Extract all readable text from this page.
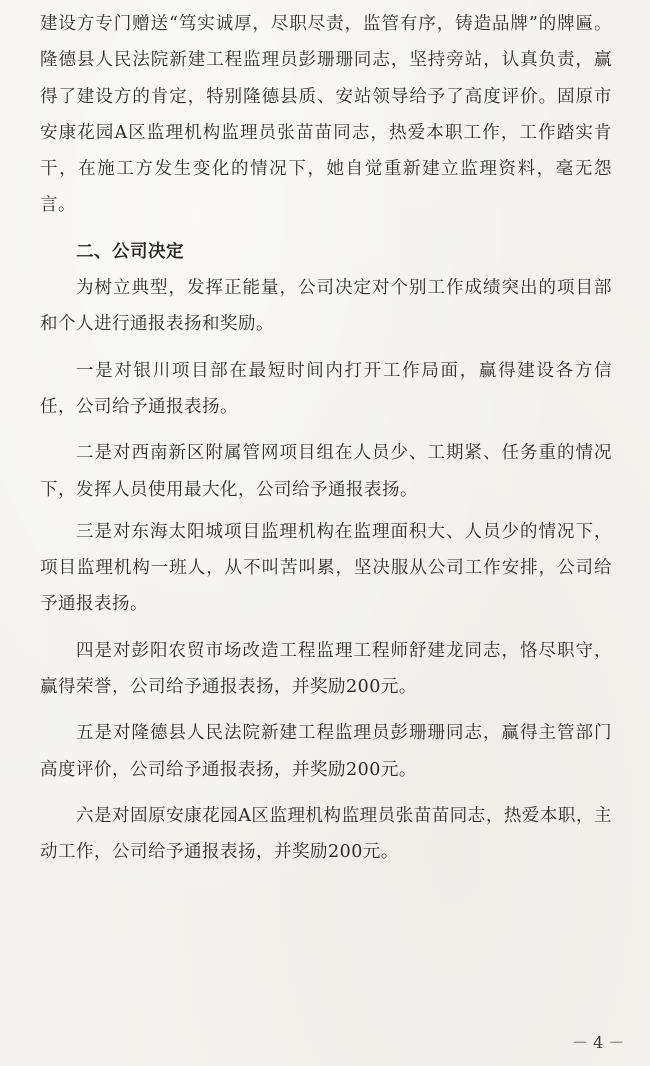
建设方专门赠送“笃实诚厚，尽职尽责，监管有序，铸造品牌”的牌匾。隆德县人民法院新建工程监理员彭珊珊同志，坚持旁站，认真负责，赢得了建设方的肯定，特别隆德县质、安站领导给予了高度评价。固原市安康花园A区监理机构监理员张苗苗同志，热爱本职工作，工作踏实肯干，在施工方发生变化的情况下，她自觉重新建立监理资料，毫无怨言。

二、公司决定

为树立典型，发挥正能量，公司决定对个别工作成绩突出的项目部和个人进行通报表扬和奖励。

一是对银川项目部在最短时间内打开工作局面，赢得建设各方信任，公司给予通报表扬。

二是对西南新区附属管网项目组在人员少、工期紧、任务重的情况下，发挥人员使用最大化，公司给予通报表扬。

三是对东海太阳城项目监理机构在监理面积大、人员少的情况下，项目监理机构一班人，从不叫苦叫累，坚决服从公司工作安排，公司给予通报表扬。

四是对彭阳农贸市场改造工程监理工程师舒建龙同志，恪尽职守，赢得荣誉，公司给予通报表扬，并奖励200元。

五是对隆德县人民法院新建工程监理员彭珊珊同志，赢得主管部门高度评价，公司给予通报表扬，并奖励200元。

六是对固原安康花园A区监理机构监理员张苗苗同志，热爱本职，主动工作，公司给予通报表扬，并奖励200元。

－ 4 －
